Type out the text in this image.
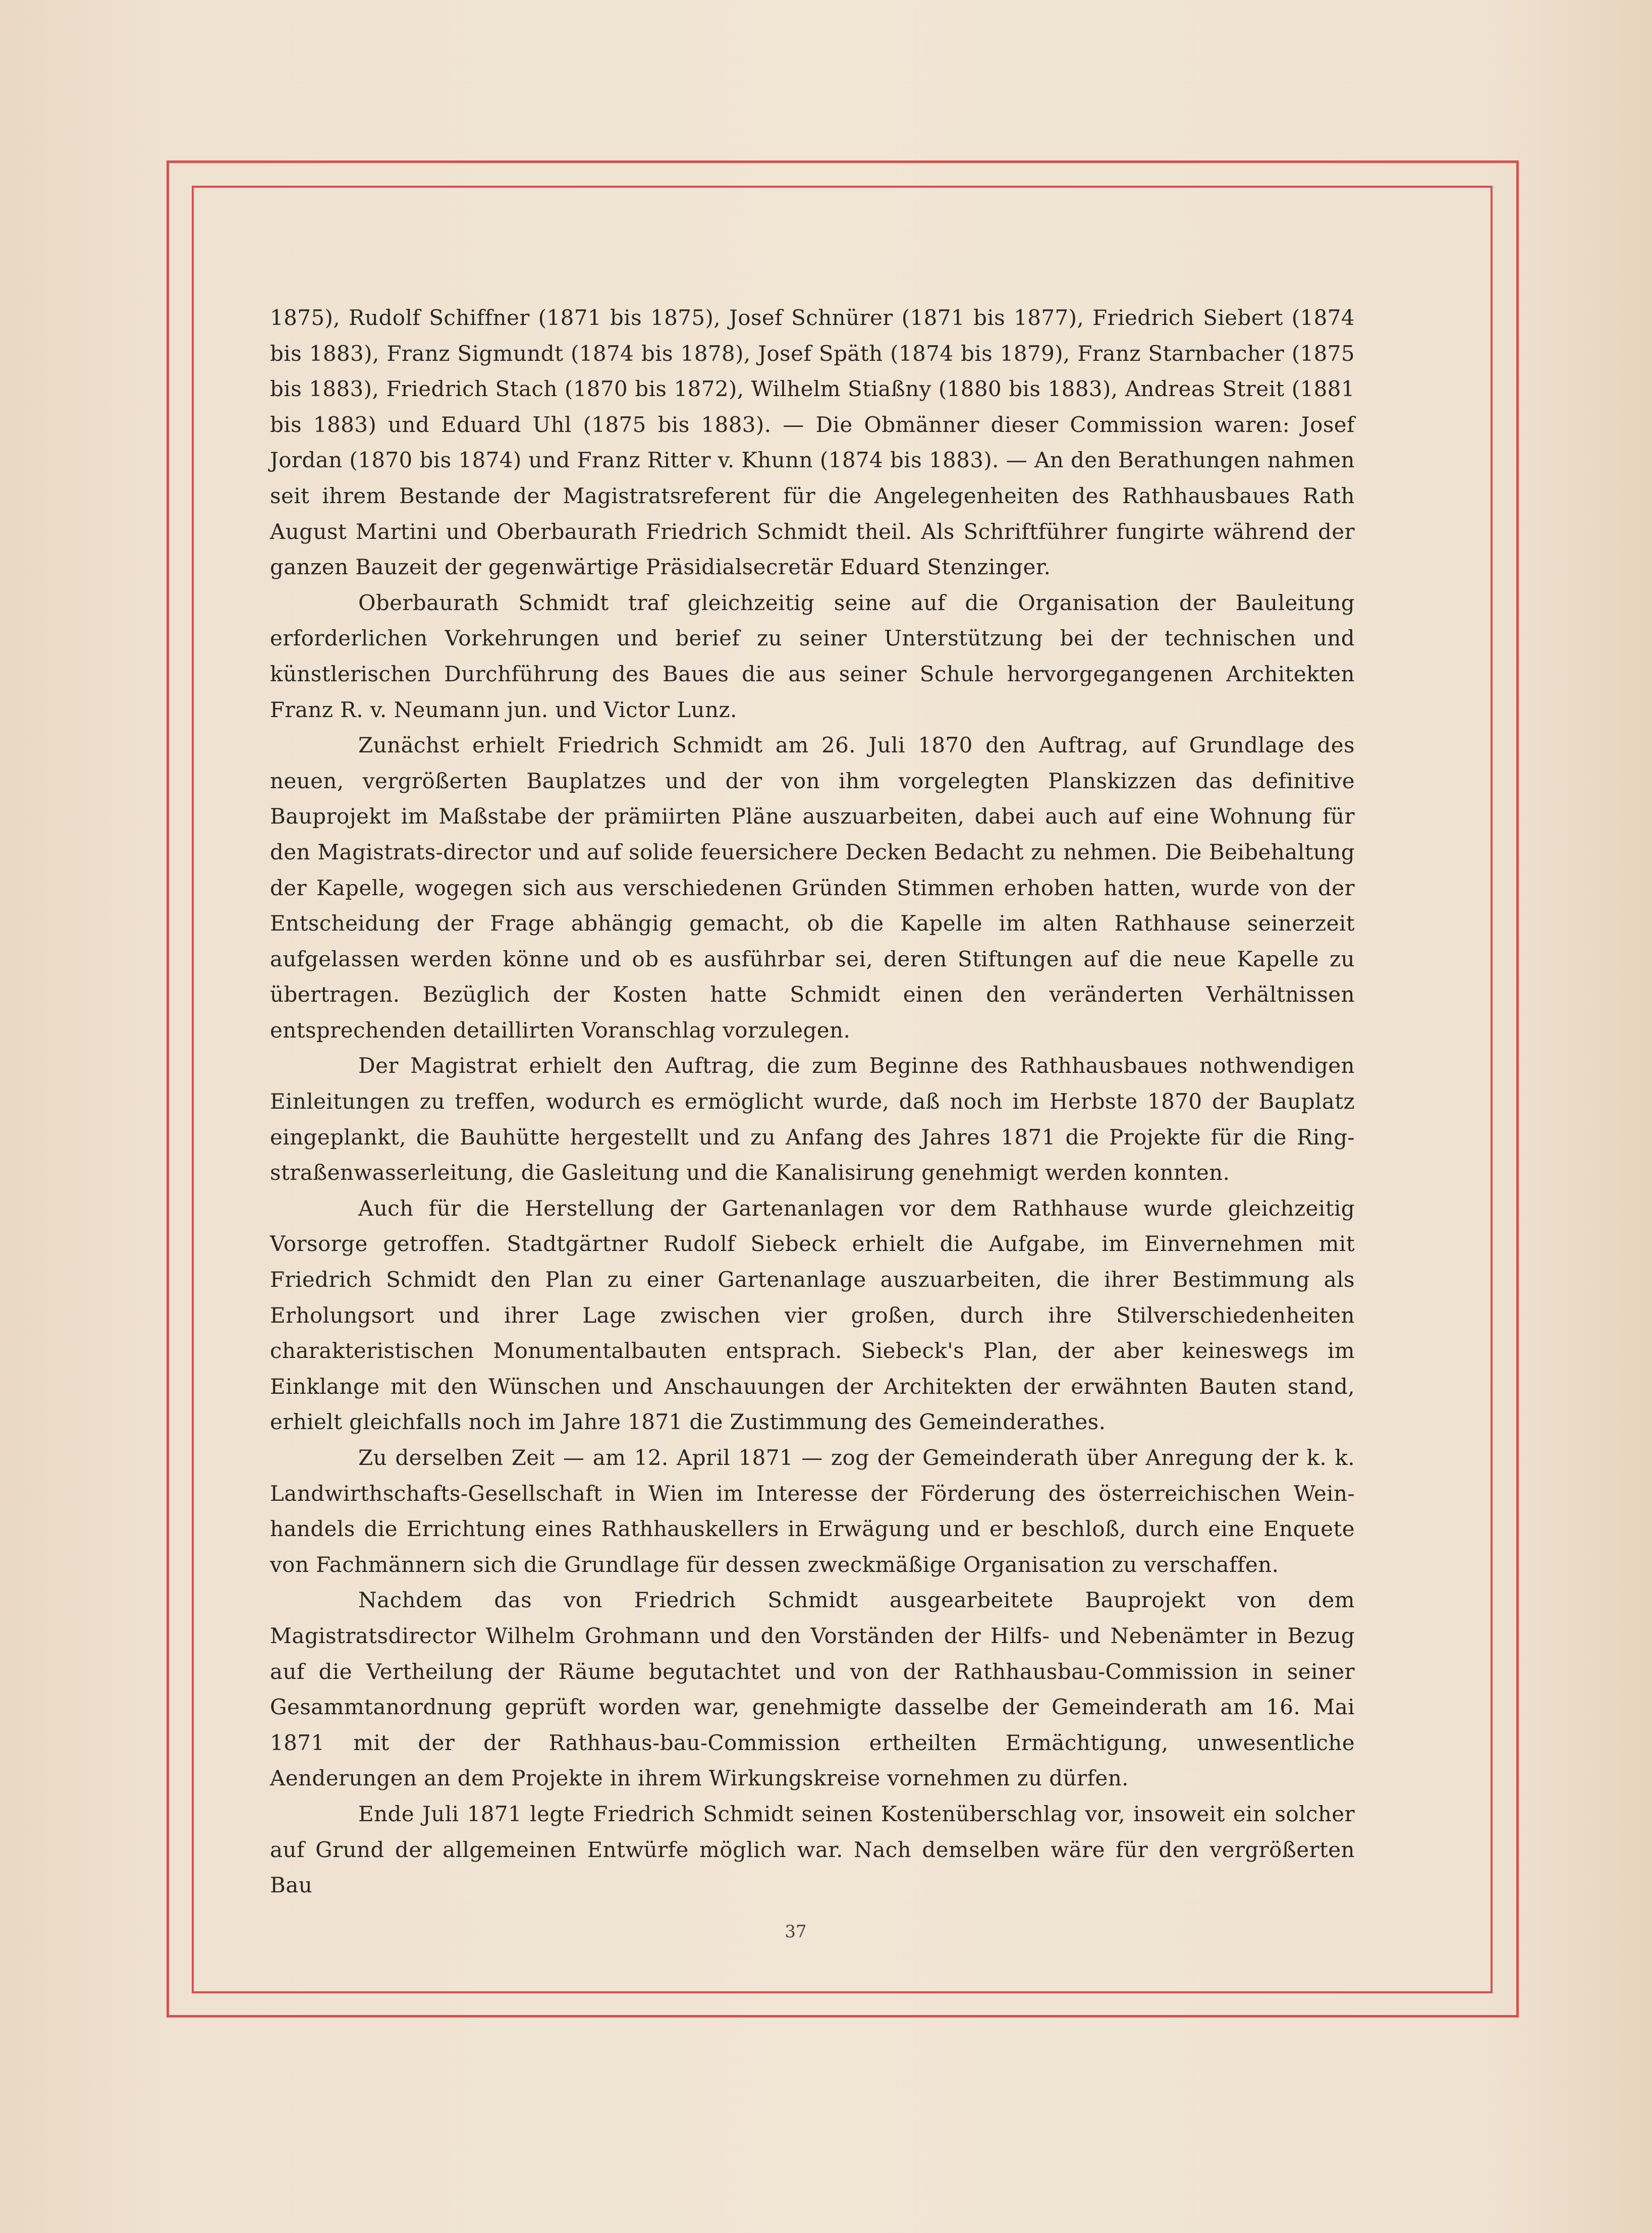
1875), Rudolf Schiffner (1871 bis 1875), Josef Schnürer (1871 bis 1877), Friedrich Siebert (1874 bis 1883), Franz Sigmundt (1874 bis 1878), Josef Späth (1874 bis 1879), Franz Starnbacher (1875 bis 1883), Friedrich Stach (1870 bis 1872), Wilhelm Stiaßny (1880 bis 1883), Andreas Streit (1881 bis 1883) und Eduard Uhl (1875 bis 1883). — Die Obmänner dieser Commission waren: Josef Jordan (1870 bis 1874) und Franz Ritter v. Khunn (1874 bis 1883). — An den Berathungen nahmen seit ihrem Bestande der Magistratsreferent für die Angelegenheiten des Rathhausbaues Rath August Martini und Oberbaurath Friedrich Schmidt theil. Als Schriftführer fungirte während der ganzen Bauzeit der gegenwärtige Präsidialsecretär Eduard Stenzinger.

Oberbaurath Schmidt traf gleichzeitig seine auf die Organisation der Bauleitung erforderlichen Vorkehrungen und berief zu seiner Unterstützung bei der technischen und künstlerischen Durchführung des Baues die aus seiner Schule hervorgegangenen Architekten Franz R. v. Neumann jun. und Victor Lunz.

Zunächst erhielt Friedrich Schmidt am 26. Juli 1870 den Auftrag, auf Grundlage des neuen, vergrößerten Bauplatzes und der von ihm vorgelegten Planskizzen das definitive Bauprojekt im Maßstabe der prämiirten Pläne auszuarbeiten, dabei auch auf eine Wohnung für den Magistrats-director und auf solide feuersichere Decken Bedacht zu nehmen. Die Beibehaltung der Kapelle, wogegen sich aus verschiedenen Gründen Stimmen erhoben hatten, wurde von der Entscheidung der Frage abhängig gemacht, ob die Kapelle im alten Rathhause seinerzeit aufgelassen werden könne und ob es ausführbar sei, deren Stiftungen auf die neue Kapelle zu übertragen. Bezüglich der Kosten hatte Schmidt einen den veränderten Verhältnissen entsprechenden detaillirten Voranschlag vorzulegen.

Der Magistrat erhielt den Auftrag, die zum Beginne des Rathhausbaues nothwendigen Einleitungen zu treffen, wodurch es ermöglicht wurde, daß noch im Herbste 1870 der Bauplatz eingeplankt, die Bauhütte hergestellt und zu Anfang des Jahres 1871 die Projekte für die Ring-straßenwasserleitung, die Gasleitung und die Kanalisirung genehmigt werden konnten.

Auch für die Herstellung der Gartenanlagen vor dem Rathhause wurde gleichzeitig Vorsorge getroffen. Stadtgärtner Rudolf Siebeck erhielt die Aufgabe, im Einvernehmen mit Friedrich Schmidt den Plan zu einer Gartenanlage auszuarbeiten, die ihrer Bestimmung als Erholungsort und ihrer Lage zwischen vier großen, durch ihre Stilverschiedenheiten charakteristischen Monumentalbauten entsprach. Siebeck's Plan, der aber keineswegs im Einklange mit den Wünschen und Anschauungen der Architekten der erwähnten Bauten stand, erhielt gleichfalls noch im Jahre 1871 die Zustimmung des Gemeinderathes.

Zu derselben Zeit — am 12. April 1871 — zog der Gemeinderath über Anregung der k. k. Landwirthschafts-Gesellschaft in Wien im Interesse der Förderung des österreichischen Wein-handels die Errichtung eines Rathhauskellers in Erwägung und er beschloß, durch eine Enquete von Fachmännern sich die Grundlage für dessen zweckmäßige Organisation zu verschaffen.

Nachdem das von Friedrich Schmidt ausgearbeitete Bauprojekt von dem Magistratsdirector Wilhelm Grohmann und den Vorständen der Hilfs- und Nebenämter in Bezug auf die Vertheilung der Räume begutachtet und von der Rathhausbau-Commission in seiner Gesammtanordnung geprüft worden war, genehmigte dasselbe der Gemeinderath am 16. Mai 1871 mit der der Rathhaus-bau-Commission ertheilten Ermächtigung, unwesentliche Aenderungen an dem Projekte in ihrem Wirkungskreise vornehmen zu dürfen.

Ende Juli 1871 legte Friedrich Schmidt seinen Kostenüberschlag vor, insoweit ein solcher auf Grund der allgemeinen Entwürfe möglich war. Nach demselben wäre für den vergrößerten Bau

37
